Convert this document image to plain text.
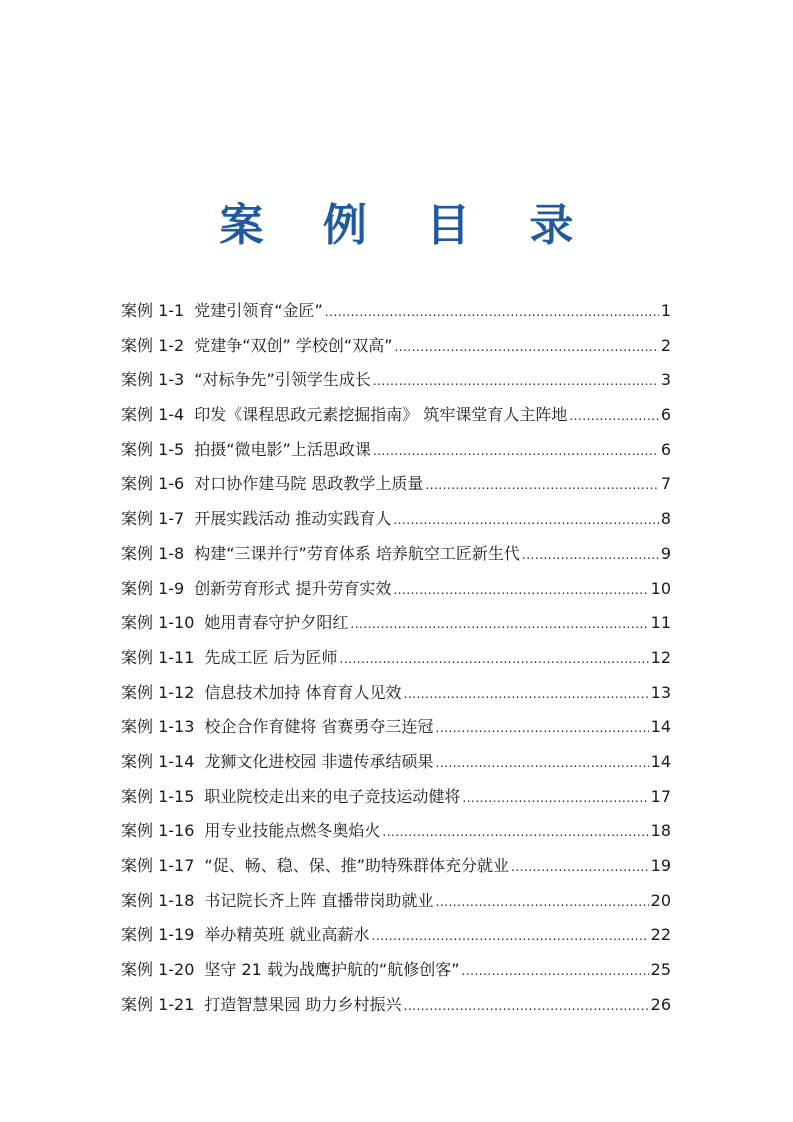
案 例 目 录
案例 1-1 党建引领育“金匠” .....	1
案例 1-2 党建争“双创” 学校创“双高” .....	2
案例 1-3 “对标争先”引领学生成长 .....	3
案例 1-4 印发《课程思政元素挖掘指南》 筑牢课堂育人主阵地 .....	6
案例 1-5 拍摄“微电影”上活思政课 .....	6
案例 1-6 对口协作建马院 思政教学上质量 .....	7
案例 1-7 开展实践活动 推动实践育人 .....	8
案例 1-8 构建“三课并行”劳育体系 培养航空工匠新生代 .....	9
案例 1-9 创新劳育形式 提升劳育实效 .....	10
案例 1-10 她用青春守护夕阳红 .....	11
案例 1-11 先成工匠 后为匠师 .....	12
案例 1-12 信息技术加持 体育育人见效 .....	13
案例 1-13 校企合作育健将 省赛勇夺三连冠 .....	14
案例 1-14 龙狮文化进校园 非遗传承结硕果 .....	14
案例 1-15 职业院校走出来的电子竞技运动健将 .....	17
案例 1-16 用专业技能点燃冬奥焰火 .....	18
案例 1-17 “促、畅、稳、保、推”助特殊群体充分就业 .....	19
案例 1-18 书记院长齐上阵 直播带岗助就业 .....	20
案例 1-19 举办精英班 就业高薪水 .....	22
案例 1-20 坚守 21 载为战鹰护航的“航修创客” .....	25
案例 1-21 打造智慧果园 助力乡村振兴 .....	26
